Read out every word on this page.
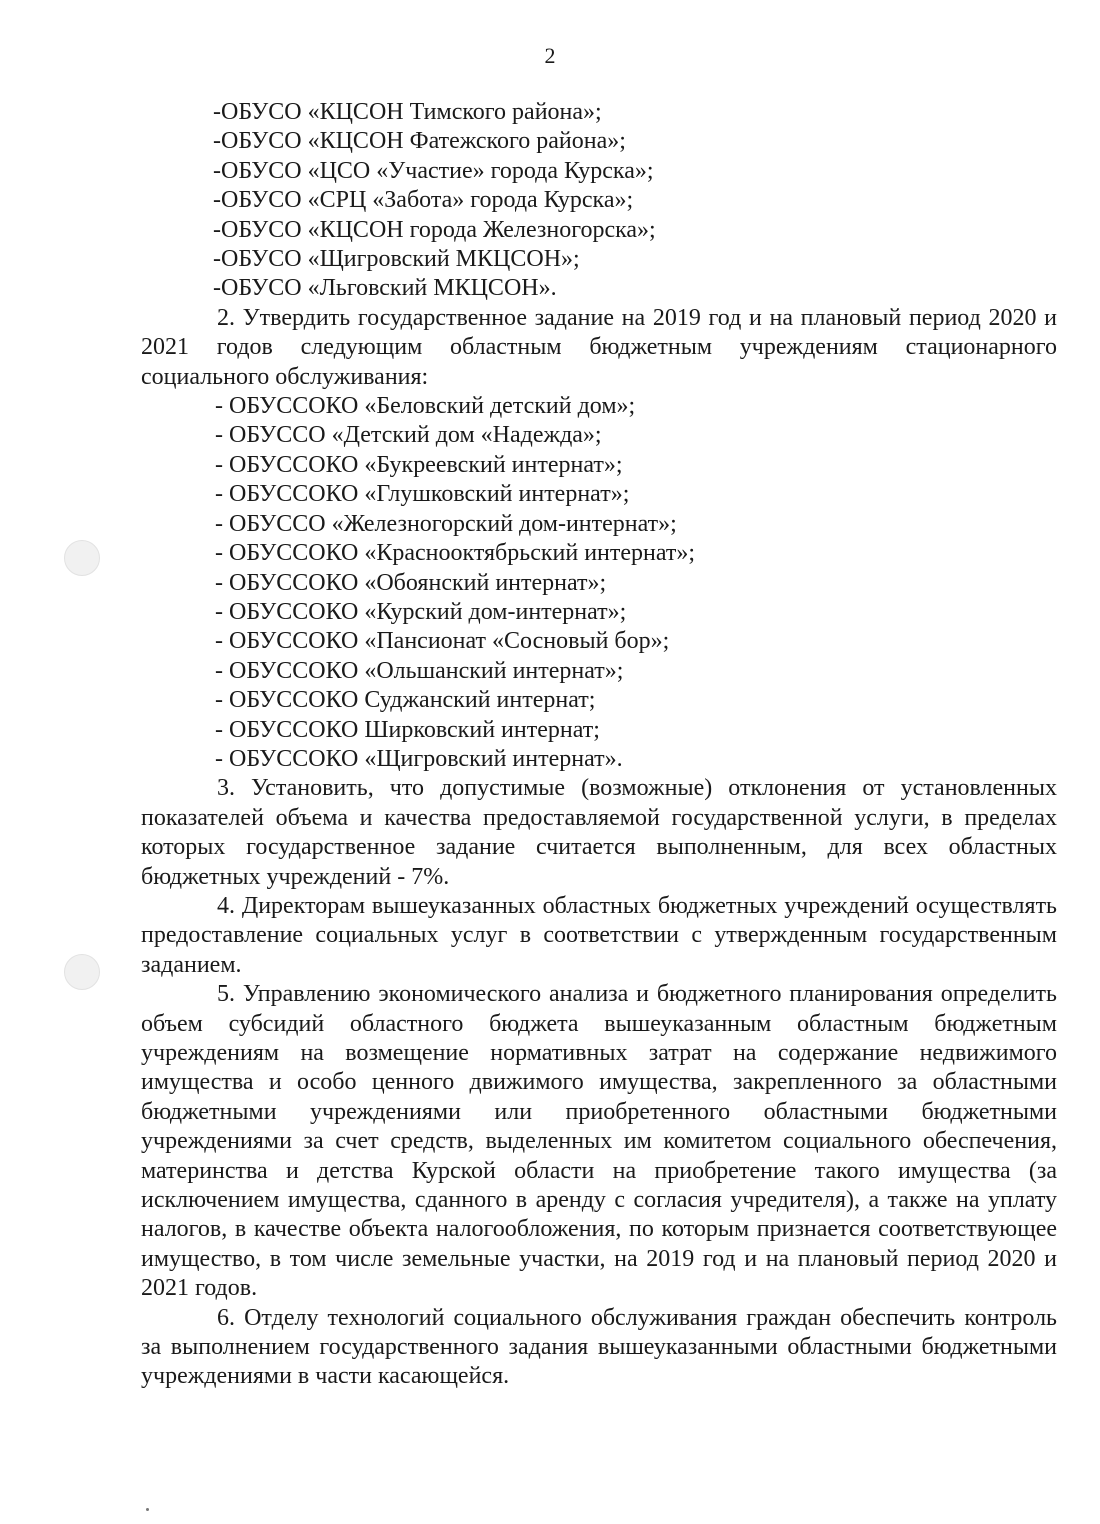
2
-ОБУСО «КЦСОН Тимского района»;
-ОБУСО «КЦСОН Фатежского района»;
-ОБУСО «ЦСО «Участие» города Курска»;
-ОБУСО «СРЦ «Забота» города Курска»;
-ОБУСО «КЦСОН города Железногорска»;
-ОБУСО «Щигровский МКЦСОН»;
-ОБУСО «Льговский МКЦСОН».

2. Утвердить государственное задание на 2019 год и на плановый период 2020 и 2021 годов следующим областным бюджетным учреждениям стационарного социального обслуживания:

- ОБУССОКО «Беловский детский дом»;
- ОБУССО «Детский дом «Надежда»;
- ОБУССОКО «Букреевский интернат»;
- ОБУССОКО «Глушковский интернат»;
- ОБУССО «Железногорский дом-интернат»;
- ОБУССОКО «Краснооктябрьский интернат»;
- ОБУССОКО «Обоянский интернат»;
- ОБУССОКО «Курский дом-интернат»;
- ОБУССОКО «Пансионат «Сосновый бор»;
- ОБУССОКО «Ольшанский интернат»;
- ОБУССОКО Суджанский интернат;
- ОБУССОКО Ширковский интернат;
- ОБУССОКО «Щигровский интернат».

3. Установить, что допустимые (возможные) отклонения от установленных показателей объема и качества предоставляемой государственной услуги, в пределах которых государственное задание считается выполненным, для всех областных бюджетных учреждений - 7%.

4. Директорам вышеуказанных областных бюджетных учреждений осуществлять предоставление социальных услуг в соответствии с утвержденным государственным заданием.

5. Управлению экономического анализа и бюджетного планирования определить объем субсидий областного бюджета вышеуказанным областным бюджетным учреждениям на возмещение нормативных затрат на содержание недвижимого имущества и особо ценного движимого имущества, закрепленного за областными бюджетными учреждениями или приобретенного областными бюджетными учреждениями за счет средств, выделенных им комитетом социального обеспечения, материнства и детства Курской области на приобретение такого имущества (за исключением имущества, сданного в аренду с согласия учредителя), а также на уплату налогов, в качестве объекта налогообложения, по которым признается соответствующее имущество, в том числе земельные участки, на 2019 год и на плановый период 2020 и 2021 годов.

6. Отделу технологий социального обслуживания граждан обеспечить контроль за выполнением государственного задания вышеуказанными областными бюджетными учреждениями в части касающейся.
